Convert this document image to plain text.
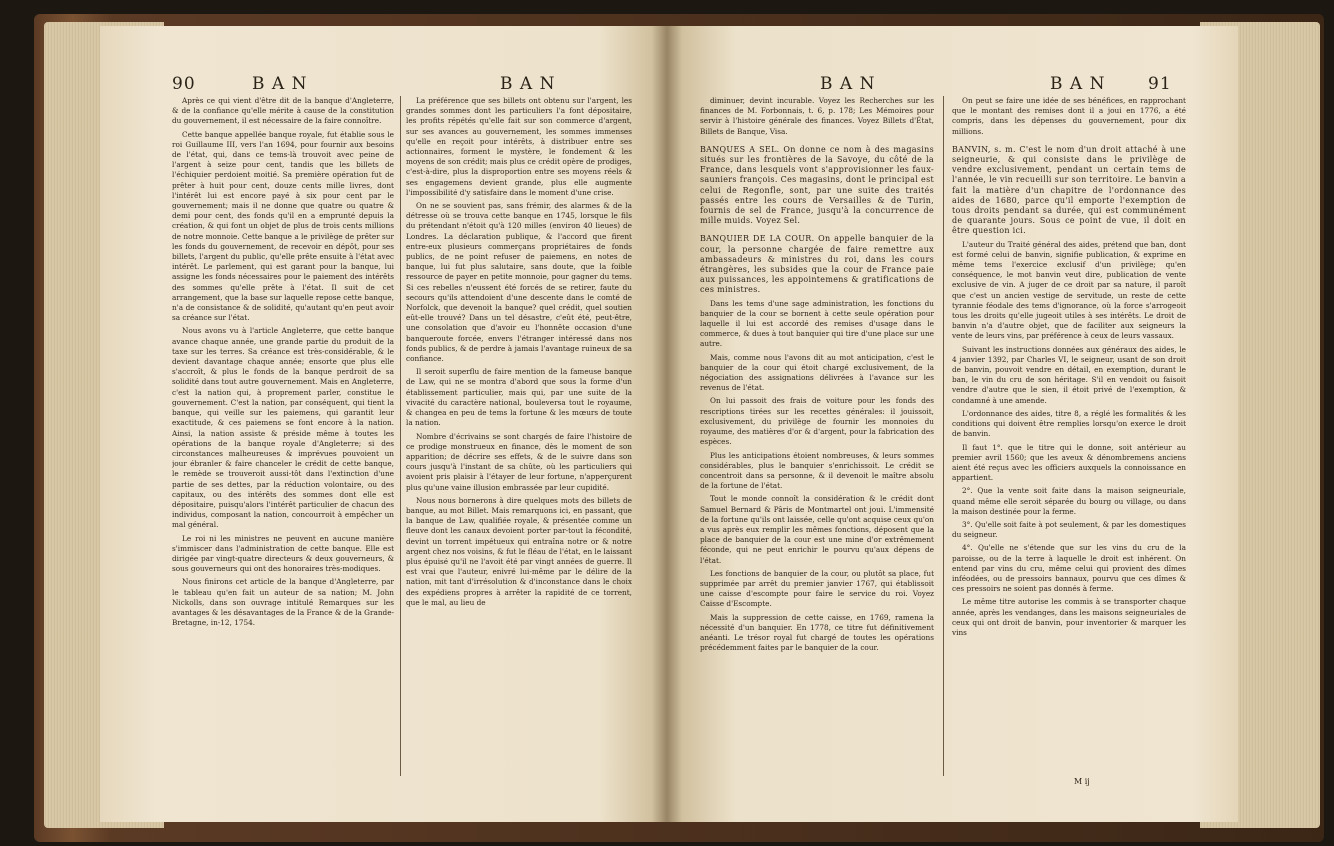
90	B A N	B A N	B A N	B A N	91

Après ce qui vient d'être dit de la banque d'Angleterre, & de la confiance qu'elle mérite à cause de la constitution du gouvernement, il est nécessaire de la faire connoître.

Cette banque appellée banque royale, fut établie sous le roi Guillaume III, vers l'an 1694, pour fournir aux besoins de l'état, qui, dans ce tems-là trouvoit avec peine de l'argent à seize pour cent, tandis que les billets de l'échiquier perdoient moitié. Sa première opération fut de prêter à huit pour cent, douze cents mille livres, dont l'intérêt lui est encore payé à six pour cent par le gouvernement; mais il ne donne que quatre ou quatre & demi pour cent, des fonds qu'il en a emprunté depuis la création, & qui font un objet de plus de trois cents millions de notre monnoie. Cette banque a le privilège de prêter sur les fonds du gouvernement, de recevoir en dépôt, pour ses billets, l'argent du public, qu'elle prête ensuite à l'état avec intérêt. Le parlement, qui est garant pour la banque, lui assigne les fonds nécessaires pour le paiement des intérêts des sommes qu'elle prête à l'état. Il suit de cet arrangement, que la base sur laquelle repose cette banque, n'a de consistance & de solidité, qu'autant qu'en peut avoir sa créance sur l'état.

Nous avons vu à l'article Angleterre, que cette banque avance chaque année, une grande partie du produit de la taxe sur les terres. Sa créance est très-considérable, & le devient davantage chaque année; ensorte que plus elle s'accroît, & plus le fonds de la banque perdroit de sa solidité dans tout autre gouvernement. Mais en Angleterre, c'est la nation qui, à proprement parler, constitue le gouvernement. C'est la nation, par conséquent, qui tient la banque, qui veille sur les paiemens, qui garantit leur exactitude, & ces paiemens se font encore à la nation. Ainsi, la nation assiste & préside même à toutes les opérations de la banque royale d'Angleterre; si des circonstances malheureuses & imprévues pouvoient un jour ébranler & faire chanceler le crédit de cette banque, le remède se trouveroit aussi-tôt dans l'extinction d'une partie de ses dettes, par la réduction volontaire, ou des capitaux, ou des intérêts des sommes dont elle est dépositaire, puisqu'alors l'intérêt particulier de chacun des individus, composant la nation, concourroit à empêcher un mal général.

Le roi ni les ministres ne peuvent en aucune manière s'immiscer dans l'administration de cette banque. Elle est dirigée par vingt-quatre directeurs & deux gouverneurs, & sous gouverneurs qui ont des honoraires très-modiques.

Nous finirons cet article de la banque d'Angleterre, par le tableau qu'en fait un auteur de sa nation; M. John Nickolls, dans son ouvrage intitulé Remarques sur les avantages & les désavantages de la France & de la Grande-Bretagne, in-12, 1754.

La préférence que ses billets ont obtenu sur l'argent, les grandes sommes dont les particuliers l'a font dépositaire, les profits répétés qu'elle fait sur son commerce d'argent, sur ses avances au gouvernement, les sommes immenses qu'elle en reçoit pour intérêts, à distribuer entre ses actionnaires, forment le mystère, le fondement & les moyens de son crédit; mais plus ce crédit opère de prodiges, c'est-à-dire, plus la disproportion entre ses moyens réels & ses engagemens devient grande, plus elle augmente l'impossibilité d'y satisfaire dans le moment d'une crise.

On ne se souvient pas, sans frémir, des alarmes & de la détresse où se trouva cette banque en 1745, lorsque le fils du prétendant n'étoit qu'à 120 milles (environ 40 lieues) de Londres. La déclaration publique, & l'accord que firent entre-eux plusieurs commerçans propriétaires de fonds publics, de ne point refuser de paiemens, en notes de banque, lui fut plus salutaire, sans doute, que la foible ressource de payer en petite monnoie, pour gagner du tems. Si ces rebelles n'eussent été forcés de se retirer, faute du secours qu'ils attendoient d'une descente dans le comté de Norfolck, que devenoit la banque? quel crédit, quel soutien eût-elle trouvé? Dans un tel désastre, c'eût été, peut-être, une consolation que d'avoir eu l'honnête occasion d'une banqueroute forcée, envers l'étranger intéressé dans nos fonds publics, & de perdre à jamais l'avantage ruineux de sa confiance.

Il seroit superflu de faire mention de la fameuse banque de Law, qui ne se montra d'abord que sous la forme d'un établissement particulier, mais qui, par une suite de la vivacité du caractère national, bouleversa tout le royaume, & changea en peu de tems la fortune & les mœurs de toute la nation.

Nombre d'écrivains se sont chargés de faire l'histoire de ce prodige monstrueux en finance, dès le moment de son apparition; de décrire ses effets, & de le suivre dans son cours jusqu'à l'instant de sa chûte, où les particuliers qui avoient pris plaisir à l'étayer de leur fortune, n'apperçurent plus qu'une vaine illusion embrassée par leur cupidité.

Nous nous bornerons à dire quelques mots des billets de banque, au mot Billet. Mais remarquons ici, en passant, que la banque de Law, qualifiée royale, & présentée comme un fleuve dont les canaux devoient porter par-tout la fécondité, devint un torrent impétueux qui entraîna notre or & notre argent chez nos voisins, & fut le fléau de l'état, en le laissant plus épuisé qu'il ne l'avoit été par vingt années de guerre. Il est vrai que l'auteur, enivré lui-même par le délire de la nation, mit tant d'irrésolution & d'inconstance dans le choix des expédiens propres à arrêter la rapidité de ce torrent, que le mal, au lieu de

diminuer, devint incurable. Voyez les Recherches sur les finances de M. Forbonnais, t. 6, p. 178; Les Mémoires pour servir à l'histoire générale des finances. Voyez Billets d'État, Billets de Banque, Visa.

BANQUES A SEL. On donne ce nom à des magasins situés sur les frontières de la Savoye, du côté de la France, dans lesquels vont s'approvisionner les faux-sauniers françois. Ces magasins, dont le principal est celui de Regonfle, sont, par une suite des traités passés entre les cours de Versailles & de Turin, fournis de sel de France, jusqu'à la concurrence de mille muids. Voyez Sel.

BANQUIER DE LA COUR. On appelle banquier de la cour, la personne chargée de faire remettre aux ambassadeurs & ministres du roi, dans les cours étrangères, les subsides que la cour de France paie aux puissances, les appointemens & gratifications de ces ministres.

Dans les tems d'une sage administration, les fonctions du banquier de la cour se bornent à cette seule opération pour laquelle il lui est accordé des remises d'usage dans le commerce, & dues à tout banquier qui tire d'une place sur une autre.

Mais, comme nous l'avons dit au mot anticipation, c'est le banquier de la cour qui étoit chargé exclusivement, de la négociation des assignations délivrées à l'avance sur les revenus de l'état.

On lui passoit des frais de voiture pour les fonds des rescriptions tirées sur les recettes générales: il jouissoit, exclusivement, du privilège de fournir les monnoies du royaume, des matières d'or & d'argent, pour la fabrication des espèces.

Plus les anticipations étoient nombreuses, & leurs sommes considérables, plus le banquier s'enrichissoit. Le crédit se concentroit dans sa personne, & il devenoit le maître absolu de la fortune de l'état.

Tout le monde connoît la considération & le crédit dont Samuel Bernard & Pâris de Montmartel ont joui. L'immensité de la fortune qu'ils ont laissée, celle qu'ont acquise ceux qu'on a vus après eux remplir les mêmes fonctions, déposent que la place de banquier de la cour est une mine d'or extrêmement féconde, qui ne peut enrichir le pourvu qu'aux dépens de l'état.

Les fonctions de banquier de la cour, ou plutôt sa place, fut supprimée par arrêt du premier janvier 1767, qui établissoit une caisse d'escompte pour faire le service du roi. Voyez Caisse d'Escompte.

Mais la suppression de cette caisse, en 1769, ramena la nécessité d'un banquier. En 1778, ce titre fut définitivement anéanti. Le trésor royal fut chargé de toutes les opérations précédemment faites par le banquier de la cour.

On peut se faire une idée de ses bénéfices, en rapprochant que le montant des remises dont il a joui en 1776, a été compris, dans les dépenses du gouvernement, pour dix millions.

BANVIN, s. m. C'est le nom d'un droit attaché à une seigneurie, & qui consiste dans le privilège de vendre exclusivement, pendant un certain tems de l'année, le vin recueilli sur son territoire. Le banvin a fait la matière d'un chapitre de l'ordonnance des aides de 1680, parce qu'il emporte l'exemption de tous droits pendant sa durée, qui est communément de quarante jours. Sous ce point de vue, il doit en être question ici.

L'auteur du Traité général des aides, prétend que ban, dont est formé celui de banvin, signifie publication, & exprime en même tems l'exercice exclusif d'un privilège; qu'en conséquence, le mot banvin veut dire, publication de vente exclusive de vin. A juger de ce droit par sa nature, il paroît que c'est un ancien vestige de servitude, un reste de cette tyrannie féodale des tems d'ignorance, où la force s'arrogeoit tous les droits qu'elle jugeoit utiles à ses intérêts. Le droit de banvin n'a d'autre objet, que de faciliter aux seigneurs la vente de leurs vins, par préférence à ceux de leurs vassaux.

Suivant les instructions données aux généraux des aides, le 4 janvier 1392, par Charles VI, le seigneur, usant de son droit de banvin, pouvoit vendre en détail, en exemption, durant le ban, le vin du cru de son héritage. S'il en vendoit ou faisoit vendre d'autre que le sien, il étoit privé de l'exemption, & condamné à une amende.

L'ordonnance des aides, titre 8, a réglé les formalités & les conditions qui doivent être remplies lorsqu'on exerce le droit de banvin.

Il faut 1°. que le titre qui le donne, soit antérieur au premier avril 1560; que les aveux & dénombremens anciens aient été reçus avec les officiers auxquels la connoissance en appartient.

2°. Que la vente soit faite dans la maison seigneuriale, quand même elle seroit séparée du bourg ou village, ou dans la maison destinée pour la ferme.

3°. Qu'elle soit faite à pot seulement, & par les domestiques du seigneur.

4°. Qu'elle ne s'étende que sur les vins du cru de la paroisse, ou de la terre à laquelle le droit est inhérent. On entend par vins du cru, même celui qui provient des dîmes inféodées, ou de pressoirs bannaux, pourvu que ces dîmes & ces pressoirs ne soient pas donnés à ferme.

Le même titre autorise les commis à se transporter chaque année, après les vendanges, dans les maisons seigneuriales de ceux qui ont droit de banvin, pour inventorier & marquer les vins

M ij
